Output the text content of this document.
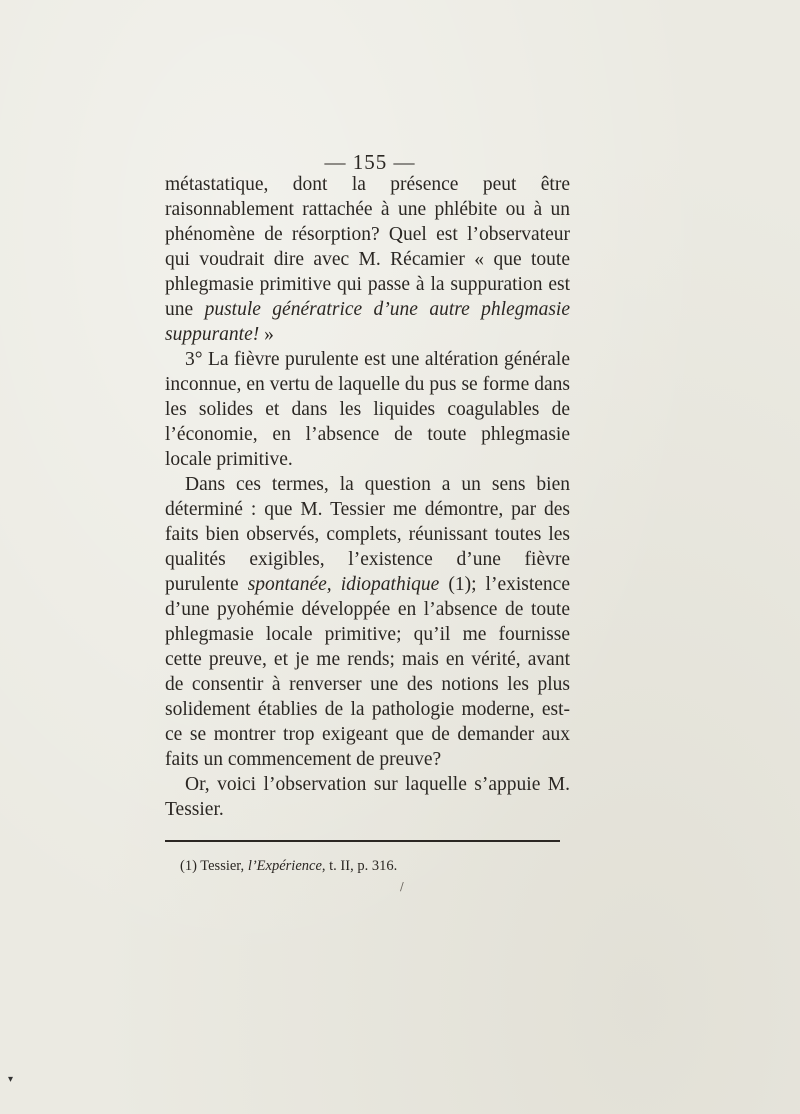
— 155 —

métastatique, dont la présence peut être raisonnablement rattachée à une phlébite ou à un phénomène de résorption? Quel est l’observateur qui voudrait dire avec M. Récamier « que toute phlegmasie primitive qui passe à la suppuration est une pustule génératrice d’une autre phlegmasie suppurante! »

3° La fièvre purulente est une altération générale inconnue, en vertu de laquelle du pus se forme dans les solides et dans les liquides coagulables de l’économie, en l’absence de toute phlegmasie locale primitive.

Dans ces termes, la question a un sens bien déterminé : que M. Tessier me démontre, par des faits bien observés, complets, réunissant toutes les qualités exigibles, l’existence d’une fièvre purulente spontanée, idiopathique (1); l’existence d’une pyohémie développée en l’absence de toute phlegmasie locale primitive; qu’il me fournisse cette preuve, et je me rends; mais en vérité, avant de consentir à renverser une des notions les plus solidement établies de la pathologie moderne, est-ce se montrer trop exigeant que de demander aux faits un commencement de preuve?

Or, voici l’observation sur laquelle s’appuie M. Tessier.

(1) Tessier, l’Expérience, t. II, p. 316.
/
▾
